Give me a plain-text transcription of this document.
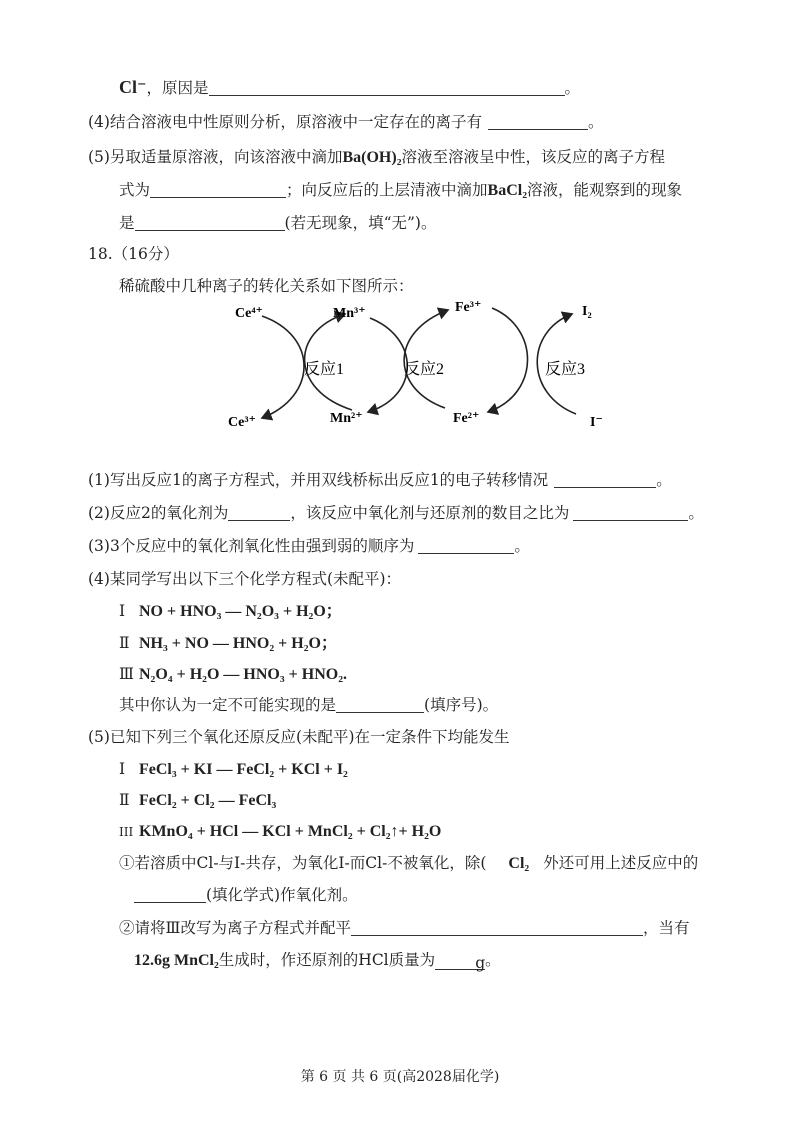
Cl⁻，原因是	。
(4)结合溶液电中性原则分析，原溶液中一定存在的离子有	。
(5)另取适量原溶液，向该溶液中滴加Ba(OH)₂溶液至溶液呈中性，该反应的离子方程
式为	；向反应后的上层清液中滴加BaCl₂溶液，能观察到的现象
是	(若无现象，填“无”)。
18.（16分）
稀硫酸中几种离子的转化关系如下图所示：
Ce⁴⁺
Ce³⁺
Mn³⁺
Mn²⁺
Fe³⁺
Fe²⁺
I₂
I⁻
反应1	反应2	反应3
(1)写出反应1的离子方程式，并用双线桥标出反应1的电子转移情况	。
(2)反应2的氧化剂为	，该反应中氧化剂与还原剂的数目之比为	。
(3)3个反应中的氧化剂氧化性由强到弱的顺序为	。
(4)某同学写出以下三个化学方程式(未配平)：
Ⅰ NO + HNO₃ — N₂O₃ + H₂O；
Ⅱ NH₃ + NO — HNO₂ + H₂O；
Ⅲ N₂O₄ + H₂O — HNO₃ + HNO₂.
其中你认为一定不可能实现的是	(填序号)。
(5)已知下列三个氧化还原反应(未配平)在一定条件下均能发生
Ⅰ FeCl₃ + KI — FeCl₂ + KCl + I₂
Ⅱ FeCl₂ + Cl₂ — FeCl₃
III KMnO₄ + HCl — KCl + MnCl₂ + Cl₂↑+ H₂O
①若溶质中Cl-与I-共存，为氧化I-而Cl-不被氧化，除( Cl₂ 外还可用上述反应中的
(填化学式)作氧化剂。
②请将Ⅲ改写为离子方程式并配平	，当有
12.6g MnCl₂生成时，作还原剂的HCl质量为	g。
第 6 页 共 6 页(高2028届化学)
